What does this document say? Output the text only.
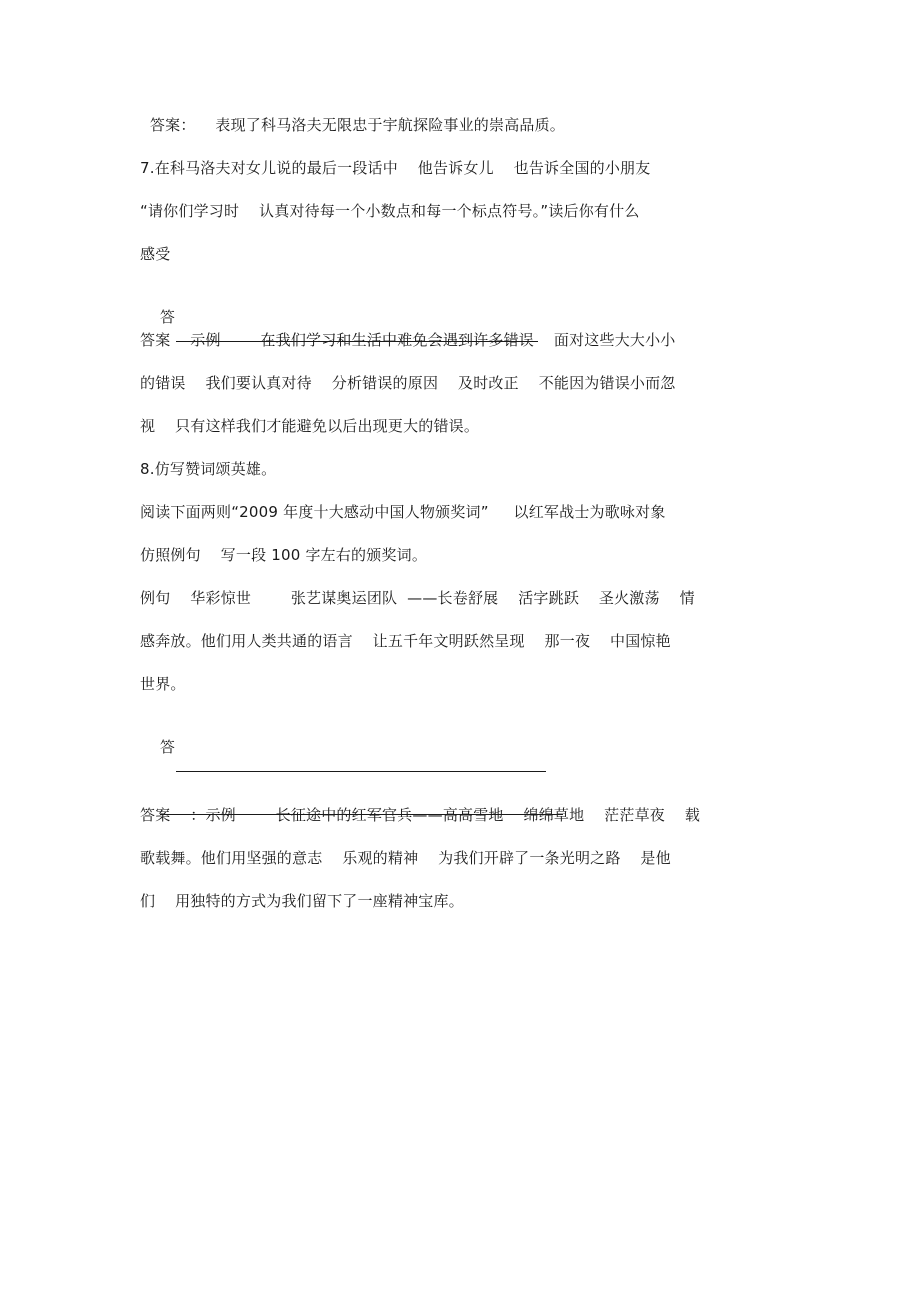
答案：    表现了科马洛夫无限忠于宇航探险事业的崇高品质。
7.在科马洛夫对女儿说的最后一段话中    他告诉女儿    也告诉全国的小朋友
“请你们学习时    认真对待每一个小数点和每一个标点符号。”读后你有什么
感受

答

答案    示例        在我们学习和生活中难免会遇到许多错误    面对这些大大小小
的错误    我们要认真对待    分析错误的原因    及时改正    不能因为错误小而忽
视    只有这样我们才能避免以后出现更大的错误。
8.仿写赞词颂英雄。
阅读下面两则“2009 年度十大感动中国人物颁奖词”     以红军战士为歌咏对象
仿照例句    写一段 100 字左右的颁奖词。
例句    华彩惊世        张艺谋奥运团队  ——长卷舒展    活字跳跃    圣火激荡    情
感奔放。他们用人类共通的语言    让五千年文明跃然呈现    那一夜    中国惊艳
世界。

答

答案    ：示例        长征途中的红军官兵——高高雪地    绵绵草地    茫茫草夜    载
歌载舞。他们用坚强的意志    乐观的精神    为我们开辟了一条光明之路    是他
们    用独特的方式为我们留下了一座精神宝库。
